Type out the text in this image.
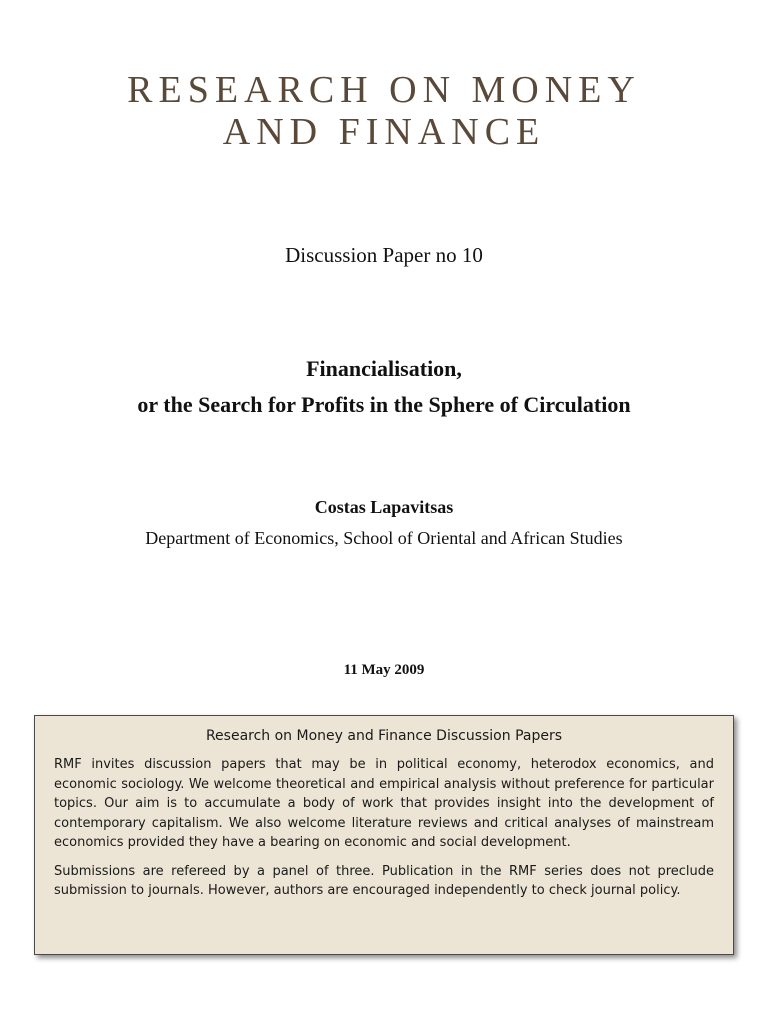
RESEARCH ON MONEY
AND FINANCE
Discussion Paper no 10
Financialisation,
or the Search for Profits in the Sphere of Circulation
Costas Lapavitsas
Department of Economics, School of Oriental and African Studies
11 May 2009
Research on Money and Finance Discussion Papers

RMF invites discussion papers that may be in political economy, heterodox economics, and economic sociology. We welcome theoretical and empirical analysis without preference for particular topics. Our aim is to accumulate a body of work that provides insight into the development of contemporary capitalism. We also welcome literature reviews and critical analyses of mainstream economics provided they have a bearing on economic and social development.

Submissions are refereed by a panel of three. Publication in the RMF series does not preclude submission to journals. However, authors are encouraged independently to check journal policy.
